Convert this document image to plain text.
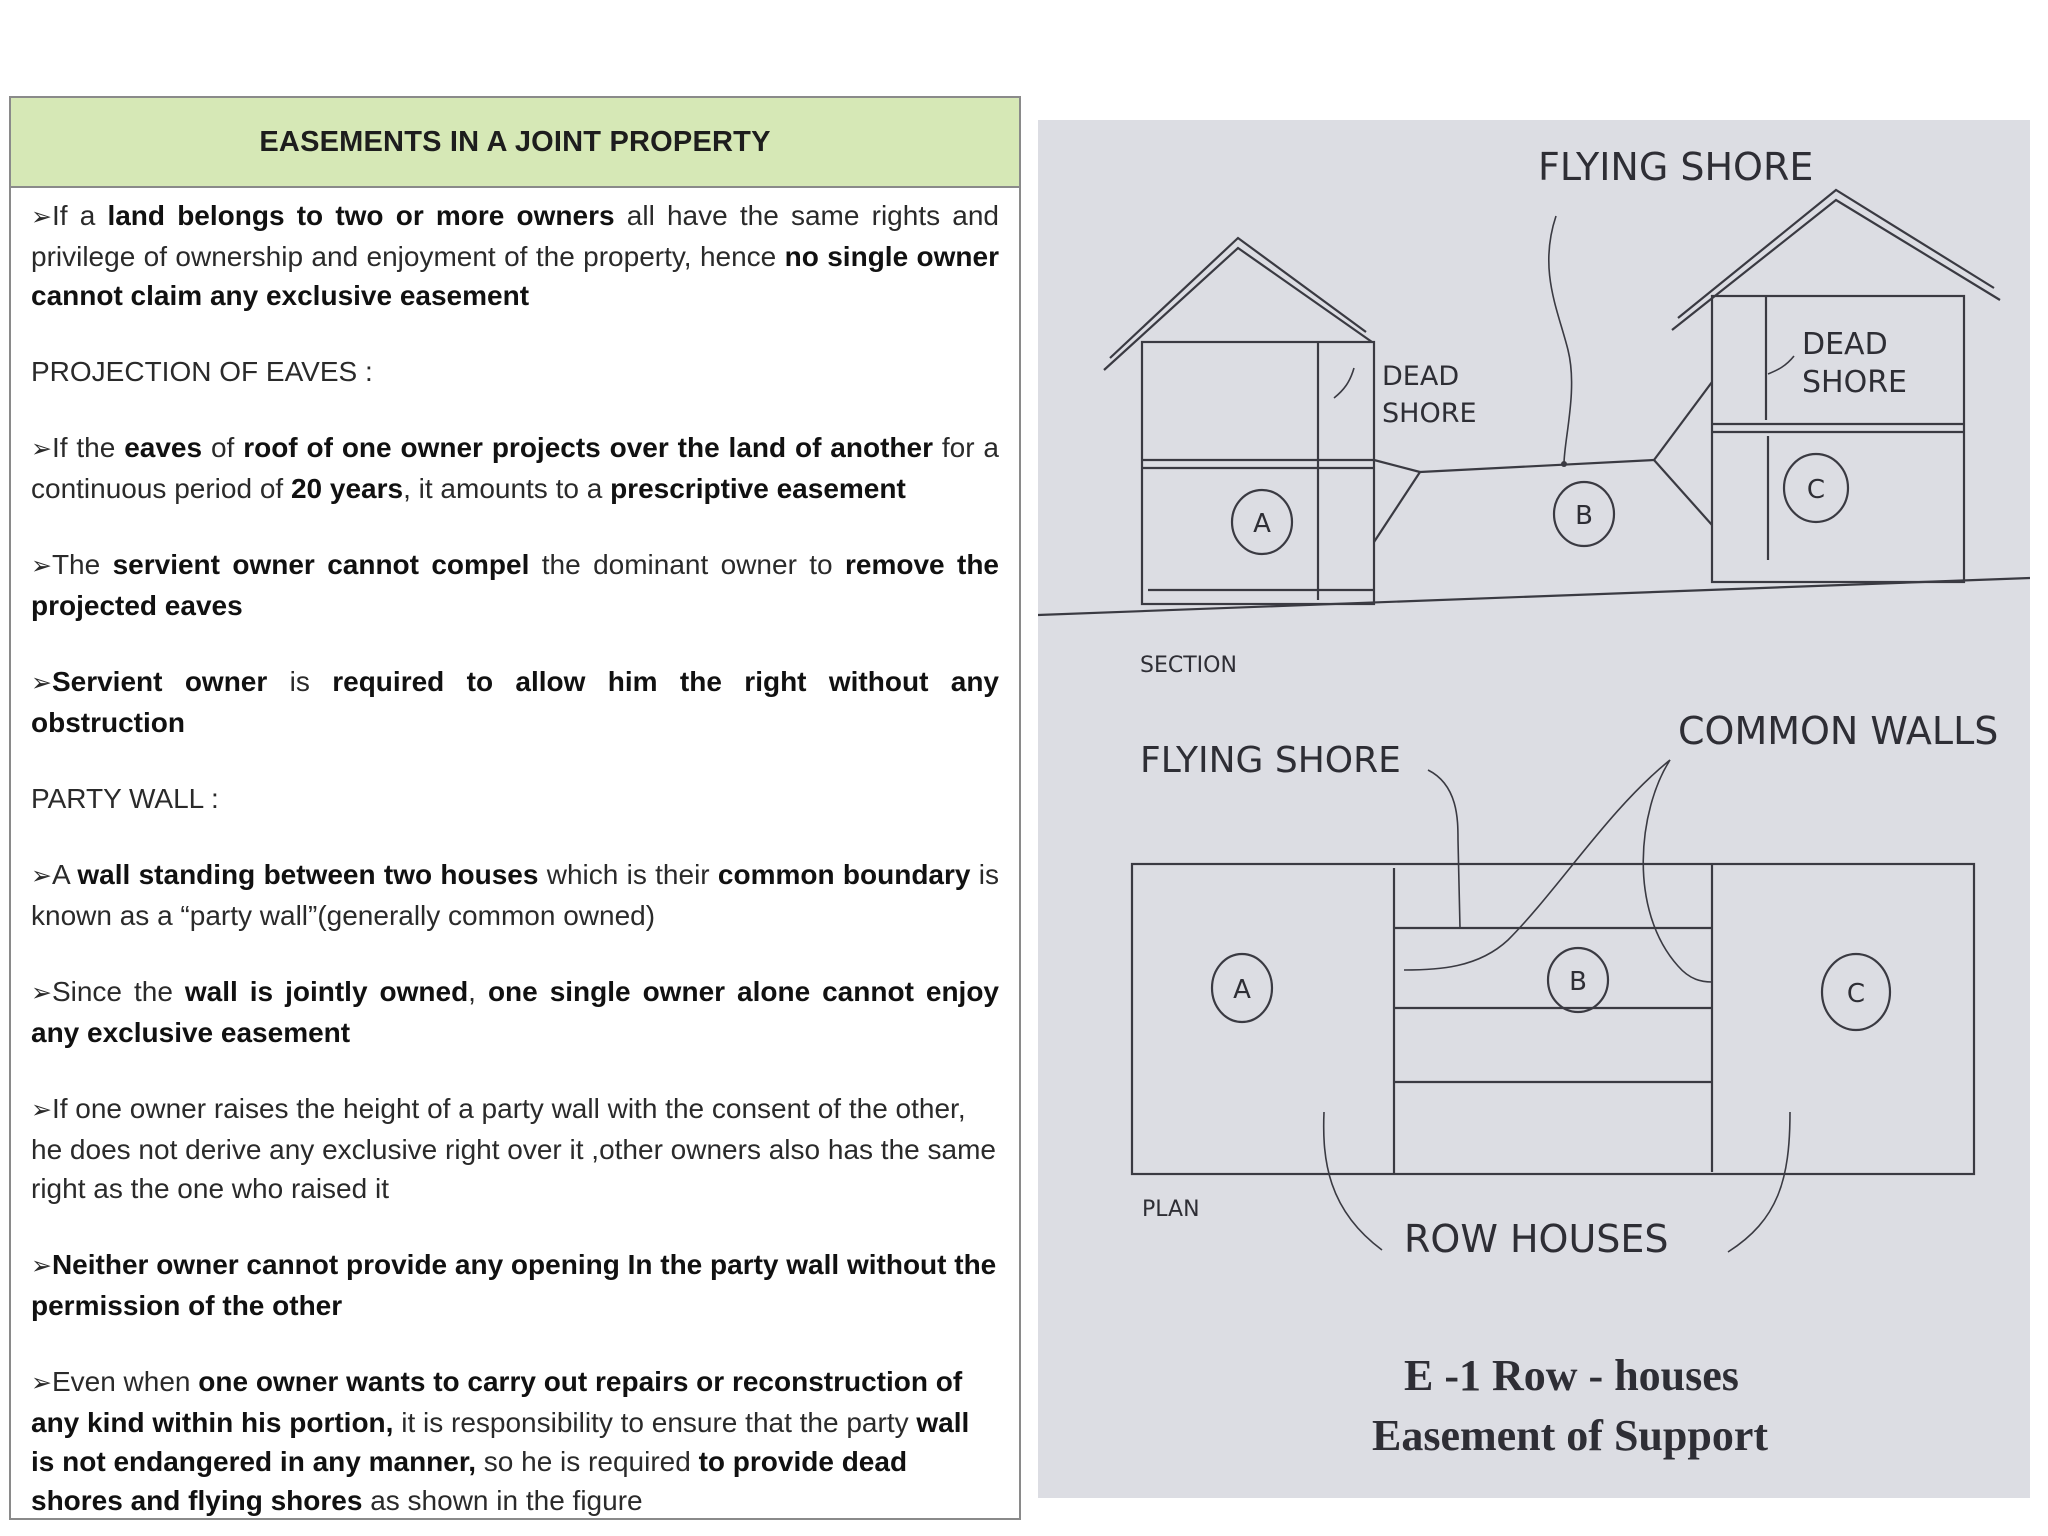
EASEMENTS IN A JOINT PROPERTY

➢If a land belongs to two or more owners all have the same rights and privilege of ownership and enjoyment of the property, hence no single owner cannot claim any exclusive easement

PROJECTION OF EAVES :

➢If the eaves of roof of one owner projects over the land of another for a continuous period of 20 years, it amounts to a prescriptive easement

➢The servient owner cannot compel the dominant owner to remove the projected eaves

➢Servient owner is required to allow him the right without any obstruction

PARTY WALL :

➢A wall standing between two houses which is their common boundary is known as a “party wall”(generally common owned)

➢Since the wall is jointly owned, one single owner alone cannot enjoy any exclusive easement

➢If one owner raises the height of a party wall with the consent of the other, he does not derive any exclusive right over it ,other owners also has the same right as the one who raised it

➢Neither owner cannot provide any opening In the party wall without the permission of the other

➢Even when one owner wants to carry out repairs or reconstruction of any kind within his portion, it is responsibility to ensure that the party wall is not endangered in any manner, so he is required to provide dead shores and flying shores as shown in the figure

A	B
C
FLYING SHORE
DEAD
SHORE
DEAD
SHORE
SECTION
FLYING SHORE
COMMON WALLS
A	B	C
PLAN
ROW HOUSES
E -1 Row - houses
Easement of Support
